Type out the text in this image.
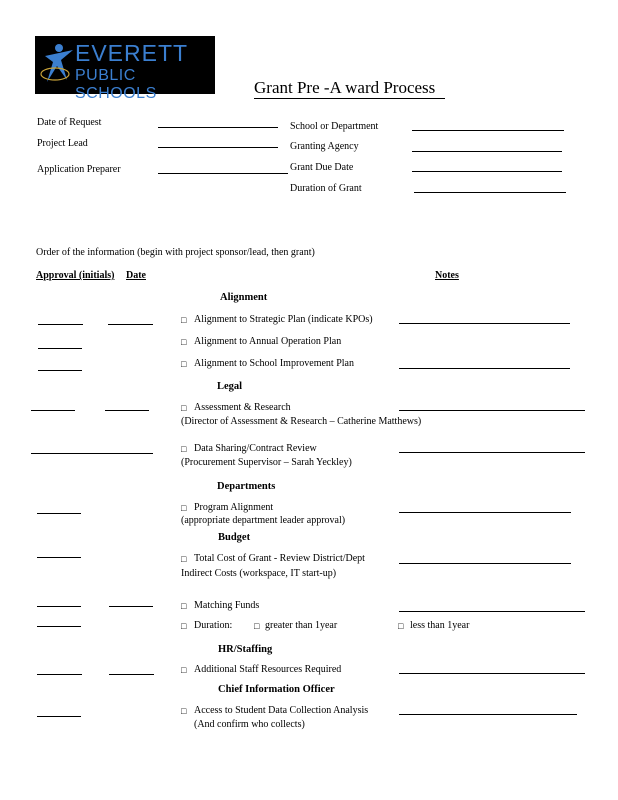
EVERETT
PUBLIC SCHOOLS	Grant Pre -A ward Process
Date of Request
Project Lead
Application Preparer
School or Department
Granting Agency
Grant Due Date
Duration of Grant
Order of the information (begin with project sponsor/lead, then grant)
Approval (initials) Date	Notes
Alignment
□ Alignment to Strategic Plan (indicate KPOs)
□ Alignment to Annual Operation Plan
□ Alignment to School Improvement Plan
Legal
□ Assessment & Research
(Director of Assessment & Research – Catherine Matthews)
□ Data Sharing/Contract Review
(Procurement Supervisor – Sarah Yeckley)
Departments
□ Program Alignment
(appropriate department leader approval)
Budget
□ Total Cost of Grant - Review District/Dept
Indirect Costs (workspace, IT start-up)
□ Matching Funds
□ Duration: □ greater than 1year	□ less than 1year
HR/Staffing
□ Additional Staff Resources Required
Chief Information Officer
□ Access to Student Data Collection Analysis
(And confirm who collects)
